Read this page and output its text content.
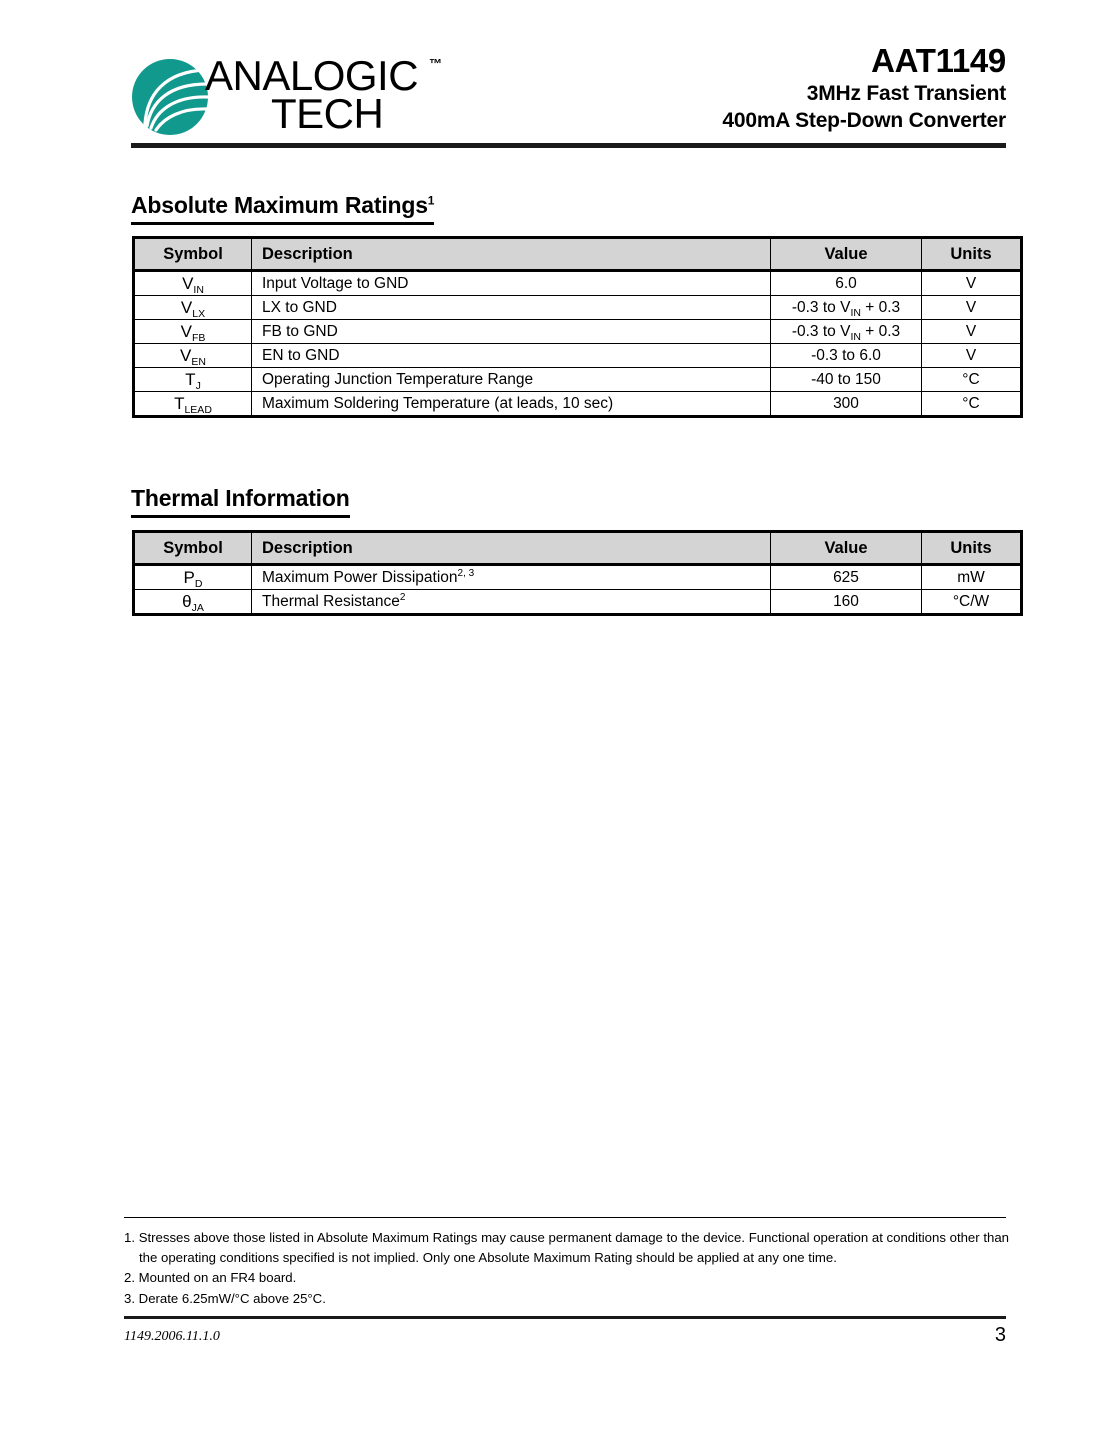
ANALOGIC ™
TECH
AAT1149
3MHz Fast Transient
400mA Step-Down Converter
Absolute Maximum Ratings$^1$
Symbol	Description	Value	Units
$V_{IN}$	Input Voltage to GND	6.0	V
$V_{LX}$	LX to GND	-0.3 to $V_{IN} + 0.3$	V
$V_{FB}$	FB to GND	-0.3 to $V_{IN} + 0.3$	V
$V_{EN}$	EN to GND	-0.3 to 6.0	V
$T_J$	Operating Junction Temperature Range	-40 to 150	°C
$T_{LEAD}$	Maximum Soldering Temperature (at leads, 10 sec)	300	°C
Thermal Information
Symbol	Description	Value	Units
$P_D$	Maximum Power Dissipation$^{2, 3}$	625	mW
$\theta_{JA}$	Thermal Resistance$^2$	160	°C/W
1. Stresses above those listed in Absolute Maximum Ratings may cause permanent damage to the device. Functional operation at conditions other than the operating conditions specified is not implied. Only one Absolute Maximum Rating should be applied at any one time.
2. Mounted on an FR4 board.
3. Derate 6.25mW/°C above 25°C.
1149.2006.11.1.0	3
